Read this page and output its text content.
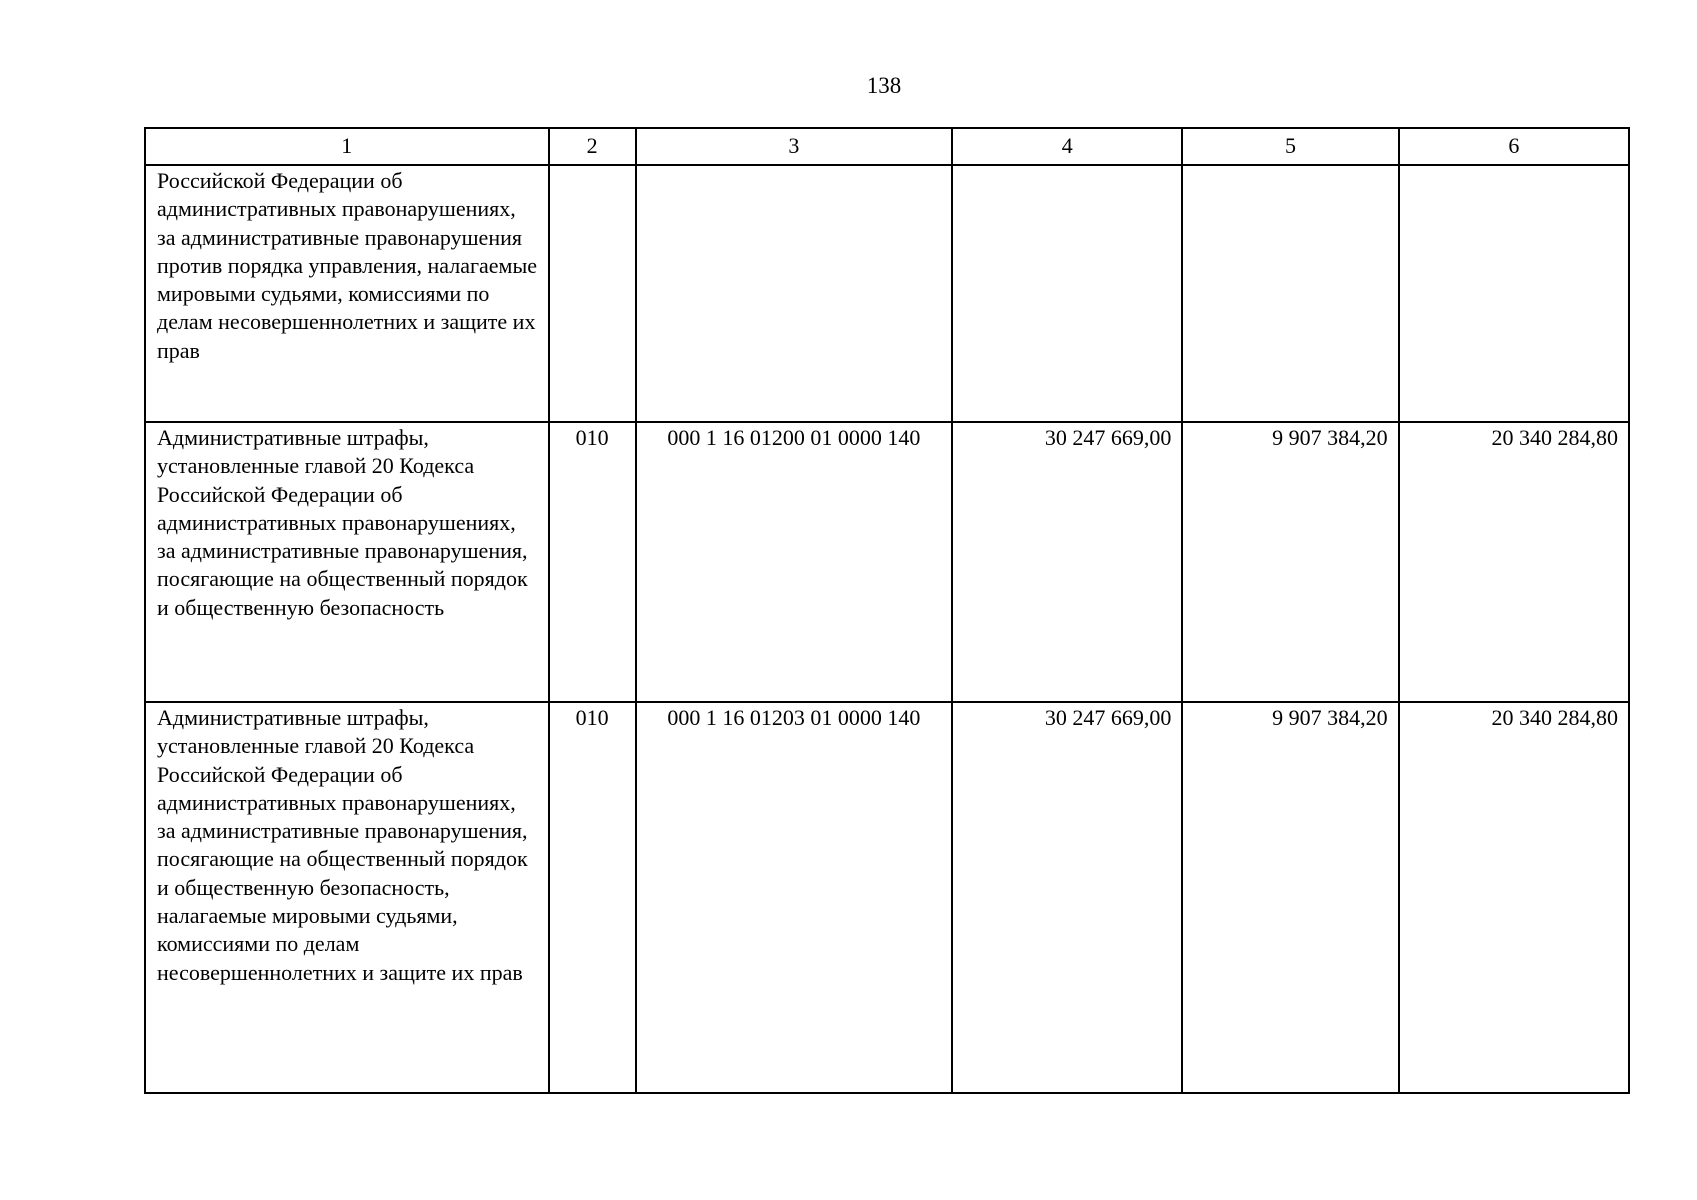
138
1	2	3	4	5	6
Российской Федерации об административных правонарушениях, за административные правонарушения против порядка управления, налагаемые мировыми судьями, комиссиями по делам несовершеннолетних и защите их прав					
Административные штрафы, установленные главой 20 Кодекса Российской Федерации об административных правонарушениях, за административные правонарушения, посягающие на общественный порядок и общественную безопасность	010	000 1 16 01200 01 0000 140	30 247 669,00	9 907 384,20	20 340 284,80
Административные штрафы, установленные главой 20 Кодекса Российской Федерации об административных правонарушениях, за административные правонарушения, посягающие на общественный порядок и общественную безопасность, налагаемые мировыми судьями, комиссиями по делам несовершеннолетних и защите их прав	010	000 1 16 01203 01 0000 140	30 247 669,00	9 907 384,20	20 340 284,80
